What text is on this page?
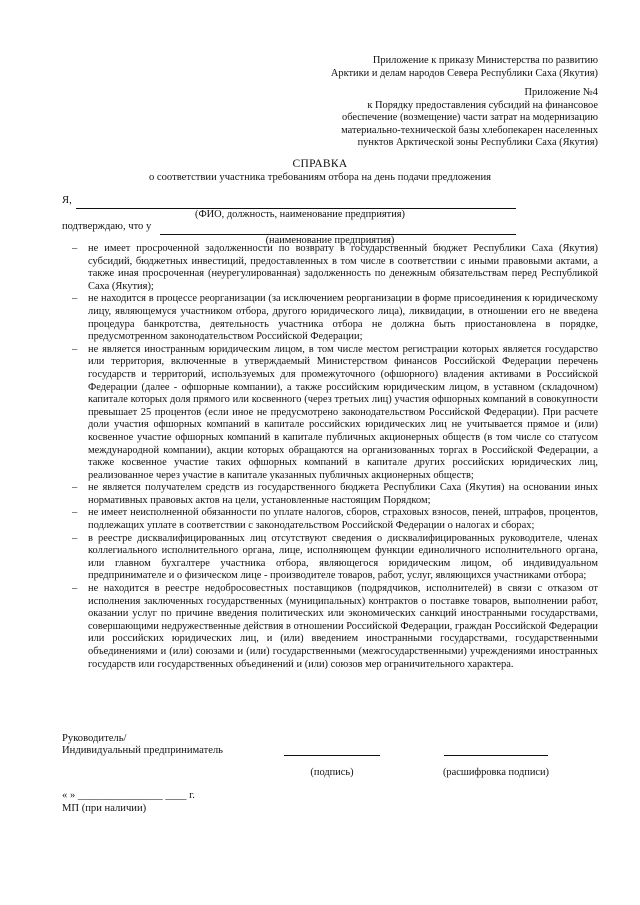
Приложение к приказу Министерства по развитию
Арктики и делам народов Севера Республики Саха (Якутия)
Приложение №4
к Порядку предоставления субсидий на финансовое
обеспечение (возмещение) части затрат на модернизацию
материально-технической базы хлебопекарен населенных
пунктов Арктической зоны Республики Саха (Якутия)
СПРАВКА
о соответствии участника требованиям отбора на день подачи предложения
Я,
(ФИО, должность, наименование предприятия)
подтверждаю, что у
(наименование предприятия)
– не имеет просроченной задолженности по возврату в государственный бюджет Республики Саха (Якутия) субсидий, бюджетных инвестиций, предоставленных в том числе в соответствии с иными правовыми актами, а также иная просроченная (неурегулированная) задолженность по денежным обязательствам перед Республикой Саха (Якутия);
– не находится в процессе реорганизации (за исключением реорганизации в форме присоединения к юридическому лицу, являющемуся участником отбора, другого юридического лица), ликвидации, в отношении его не введена процедура банкротства, деятельность участника отбора не должна быть приостановлена в порядке, предусмотренном законодательством Российской Федерации;
– не является иностранным юридическим лицом, в том числе местом регистрации которых является государство или территория, включенные в утверждаемый Министерством финансов Российской Федерации перечень государств и территорий, используемых для промежуточного (офшорного) владения активами в Российской Федерации (далее - офшорные компании), а также российским юридическим лицом, в уставном (складочном) капитале которых доля прямого или косвенного (через третьих лиц) участия офшорных компаний в совокупности превышает 25 процентов (если иное не предусмотрено законодательством Российской Федерации). При расчете доли участия офшорных компаний в капитале российских юридических лиц не учитывается прямое и (или) косвенное участие офшорных компаний в капитале публичных акционерных обществ (в том числе со статусом международной компании), акции которых обращаются на организованных торгах в Российской Федерации, а также косвенное участие таких офшорных компаний в капитале других российских юридических лиц, реализованное через участие в капитале указанных публичных акционерных обществ;
– не является получателем средств из государственного бюджета Республики Саха (Якутия) на основании иных нормативных правовых актов на цели, установленные настоящим Порядком;
– не имеет неисполненной обязанности по уплате налогов, сборов, страховых взносов, пеней, штрафов, процентов, подлежащих уплате в соответствии с законодательством Российской Федерации о налогах и сборах;
– в реестре дисквалифицированных лиц отсутствуют сведения о дисквалифицированных руководителе, членах коллегиального исполнительного органа, лице, исполняющем функции единоличного исполнительного органа, или главном бухгалтере участника отбора, являющегося юридическим лицом, об индивидуальном предпринимателе и о физическом лице - производителе товаров, работ, услуг, являющихся участниками отбора;
– не находится в реестре недобросовестных поставщиков (подрядчиков, исполнителей) в связи с отказом от исполнения заключенных государственных (муниципальных) контрактов о поставке товаров, выполнении работ, оказании услуг по причине введения политических или экономических санкций иностранными государствами, совершающими недружественные действия в отношении Российской Федерации, граждан Российской Федерации или российских юридических лиц, и (или) введением иностранными государствами, государственными объединениями и (или) союзами и (или) государственными (межгосударственными) учреждениями иностранных государств или государственных объединений и (или) союзов мер ограничительного характера.
Руководитель/
Индивидуальный предприниматель
(подпись)	(расшифровка подписи)
« » ________________ ____ г.
МП (при наличии)
